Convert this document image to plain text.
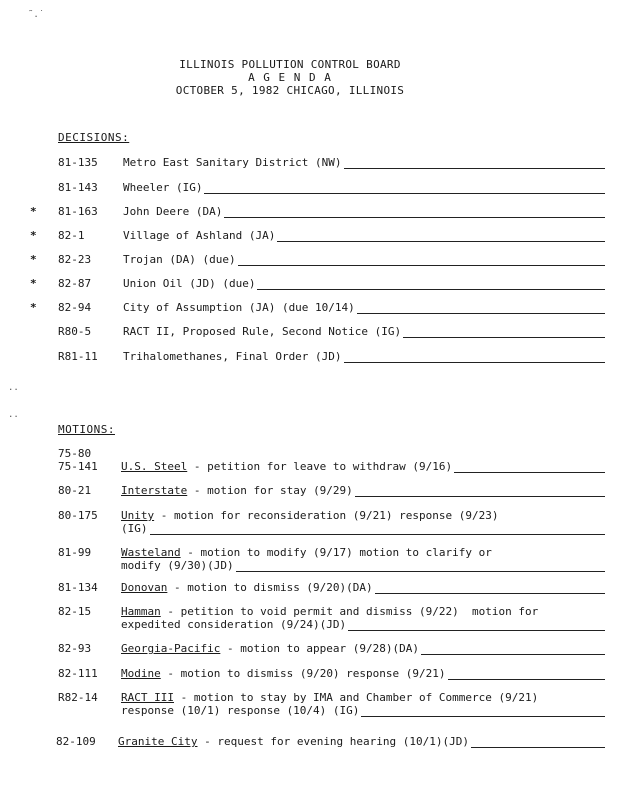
ILLINOIS POLLUTION CONTROL BOARD
A G E N D A
OCTOBER 5, 1982 CHICAGO, ILLINOIS
DECISIONS:
81-135 Metro East Sanitary District (NW)
81-143 Wheeler (IG)
* 81-163 John Deere (DA)
* 82-1	Village of Ashland (JA)
* 82-23	Trojan (DA) (due)
* 82-87	Union Oil (JD) (due)
* 82-94	City of Assumption (JA) (due 10/14)
R80-5	RACT II, Proposed Rule, Second Notice (IG)
R81-11 Trihalomethanes, Final Order (JD)
MOTIONS:
75-80
75-141 U.S. Steel - petition for leave to withdraw (9/16)
80-21	Interstate - motion for stay (9/29)
80-175 Unity - motion for reconsideration (9/21) response (9/23)
(IG)
81-99	Wasteland - motion to modify (9/17) motion to clarify or
modify (9/30)(JD)
81-134 Donovan - motion to dismiss (9/20)(DA)
82-15	Hamman - petition to void permit and dismiss (9/22)  motion for
expedited consideration (9/24)(JD)
82-93	Georgia-Pacific - motion to appear (9/28)(DA)
82-111 Modine - motion to dismiss (9/20) response (9/21)
R82-14 RACT III - motion to stay by IMA and Chamber of Commerce (9/21)
response (10/1) response (10/4) (IG)
82-109 Granite City - request for evening hearing (10/1)(JD)
˜.˙
..
..
